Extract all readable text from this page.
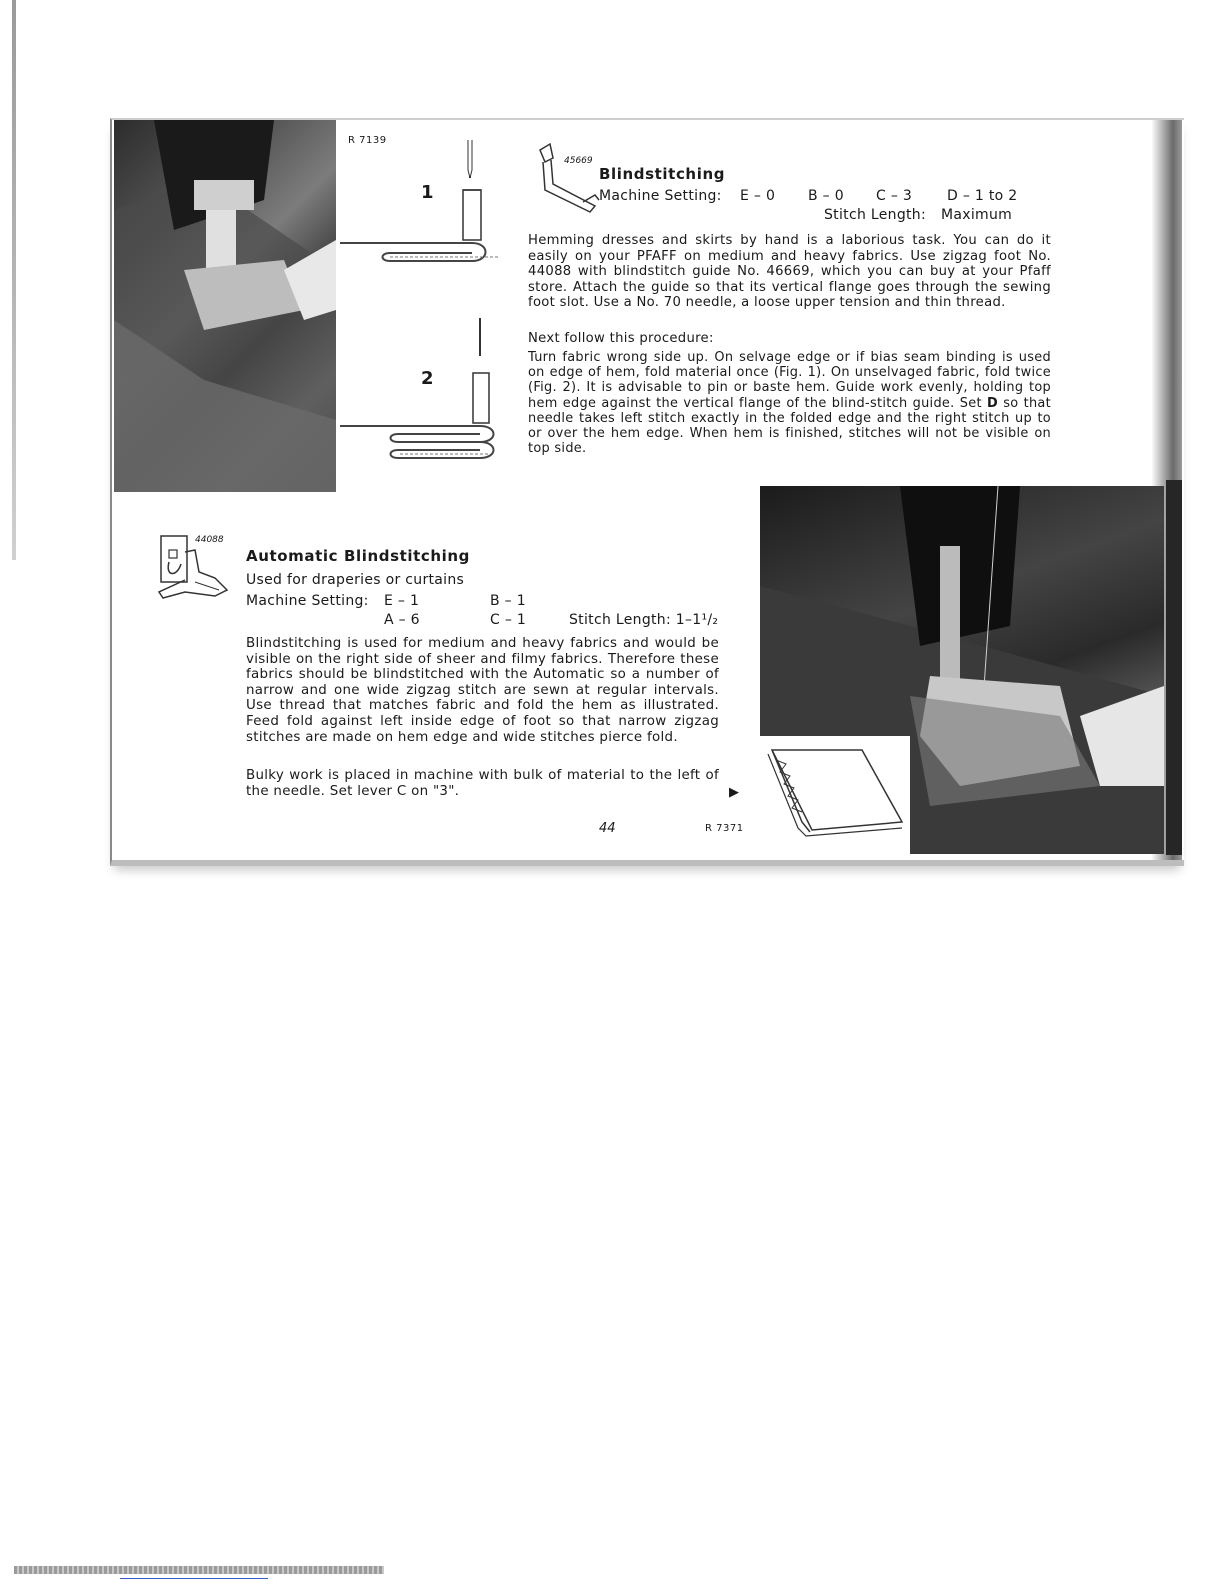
R 7139
1
2
45669
Blindstitching
Machine Setting: E – 0 B – 0 C – 3 D – 1 to 2
Stitch Length: Maximum
Hemming dresses and skirts by hand is a laborious task. You can do it easily on your PFAFF on medium and heavy fabrics. Use zigzag foot No. 44088 with blindstitch guide No. 46669, which you can buy at your Pfaff store. Attach the guide so that its vertical flange goes through the sewing foot slot. Use a No. 70 needle, a loose upper tension and thin thread.
Next follow this procedure:
Turn fabric wrong side up. On selvage edge or if bias seam binding is used on edge of hem, fold material once (Fig. 1). On unselvaged fabric, fold twice (Fig. 2). It is advisable to pin or baste hem. Guide work evenly, holding top hem edge against the vertical flange of the blind-stitch guide. Set D so that needle takes left stitch exactly in the folded edge and the right stitch up to or over the hem edge. When hem is finished, stitches will not be visible on top side.
44088
Automatic Blindstitching
Used for draperies or curtains
Machine Setting: E – 1	B – 1
A – 6	C – 1	Stitch Length: 1–1¹/₂
Blindstitching is used for medium and heavy fabrics and would be visible on the right side of sheer and filmy fabrics. Therefore these fabrics should be blindstitched with the Automatic so a number of narrow and one wide zigzag stitch are sewn at regular intervals. Use thread that matches fabric and fold the hem as illustrated. Feed fold against left inside edge of foot so that narrow zigzag stitches are made on hem edge and wide stitches pierce fold.
Bulky work is placed in machine with bulk of material to the left of the needle. Set lever C on "3".	▶
44	R 7371
